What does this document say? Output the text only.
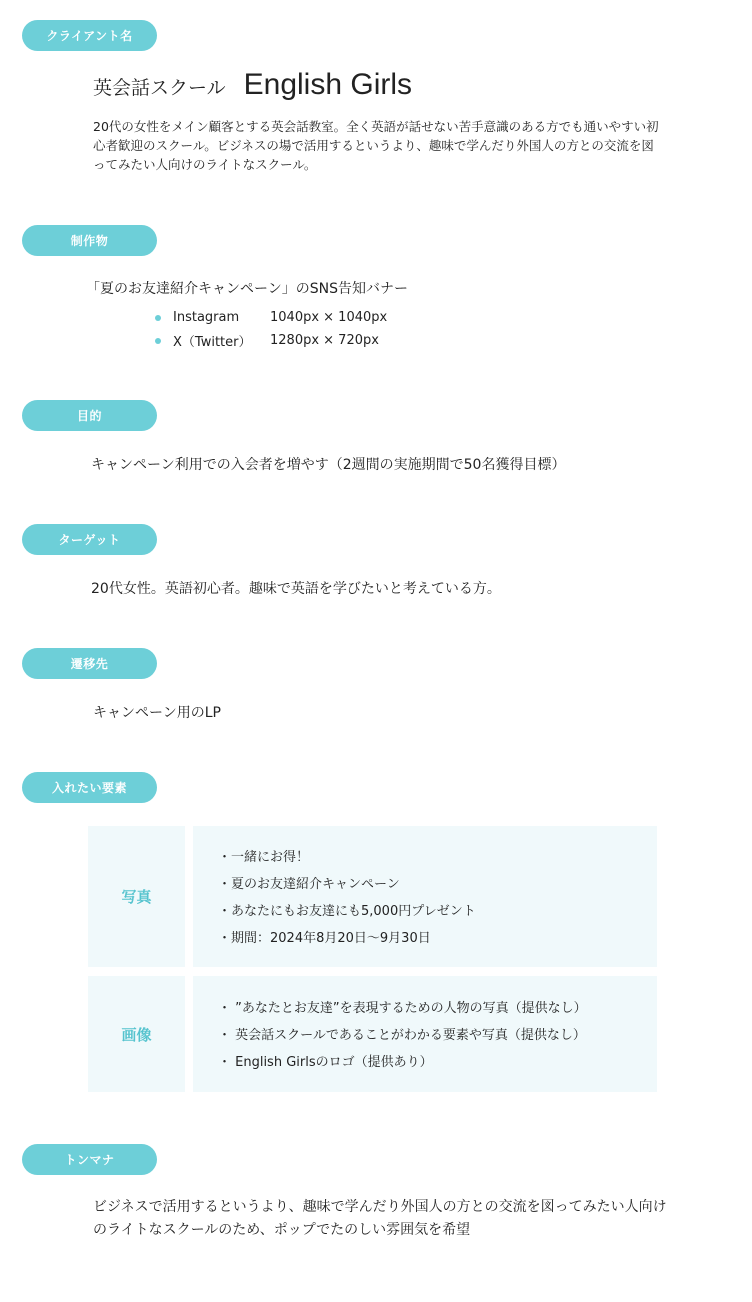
クライアント名
英会話スクール English Girls
20代の女性をメイン顧客とする英会話教室。全く英語が話せない苦手意識のある方でも通いやすい初心者歓迎のスクール。ビジネスの場で活用するというより、趣味で学んだり外国人の方との交流を図ってみたい人向けのライトなスクール。
制作物
「夏のお友達紹介キャンペーン」のSNS告知バナー
Instagram	1040px × 1040px
X（Twitter）	1280px × 720px
目的
キャンペーン利用での入会者を増やす（2週間の実施期間で50名獲得目標）
ターゲット
20代女性。英語初心者。趣味で英語を学びたいと考えている方。
遷移先
キャンペーン用のLP
入れたい要素
写真
・一緒にお得！
・夏のお友達紹介キャンペーン
・あなたにもお友達にも5,000円プレゼント
・期間：2024年8月20日〜9月30日
画像
・ ”あなたとお友達”を表現するための人物の写真（提供なし）
・ 英会話スクールであることがわかる要素や写真（提供なし）
・ English Girlsのロゴ（提供あり）
トンマナ
ビジネスで活用するというより、趣味で学んだり外国人の方との交流を図ってみたい人向けのライトなスクールのため、ポップでたのしい雰囲気を希望
